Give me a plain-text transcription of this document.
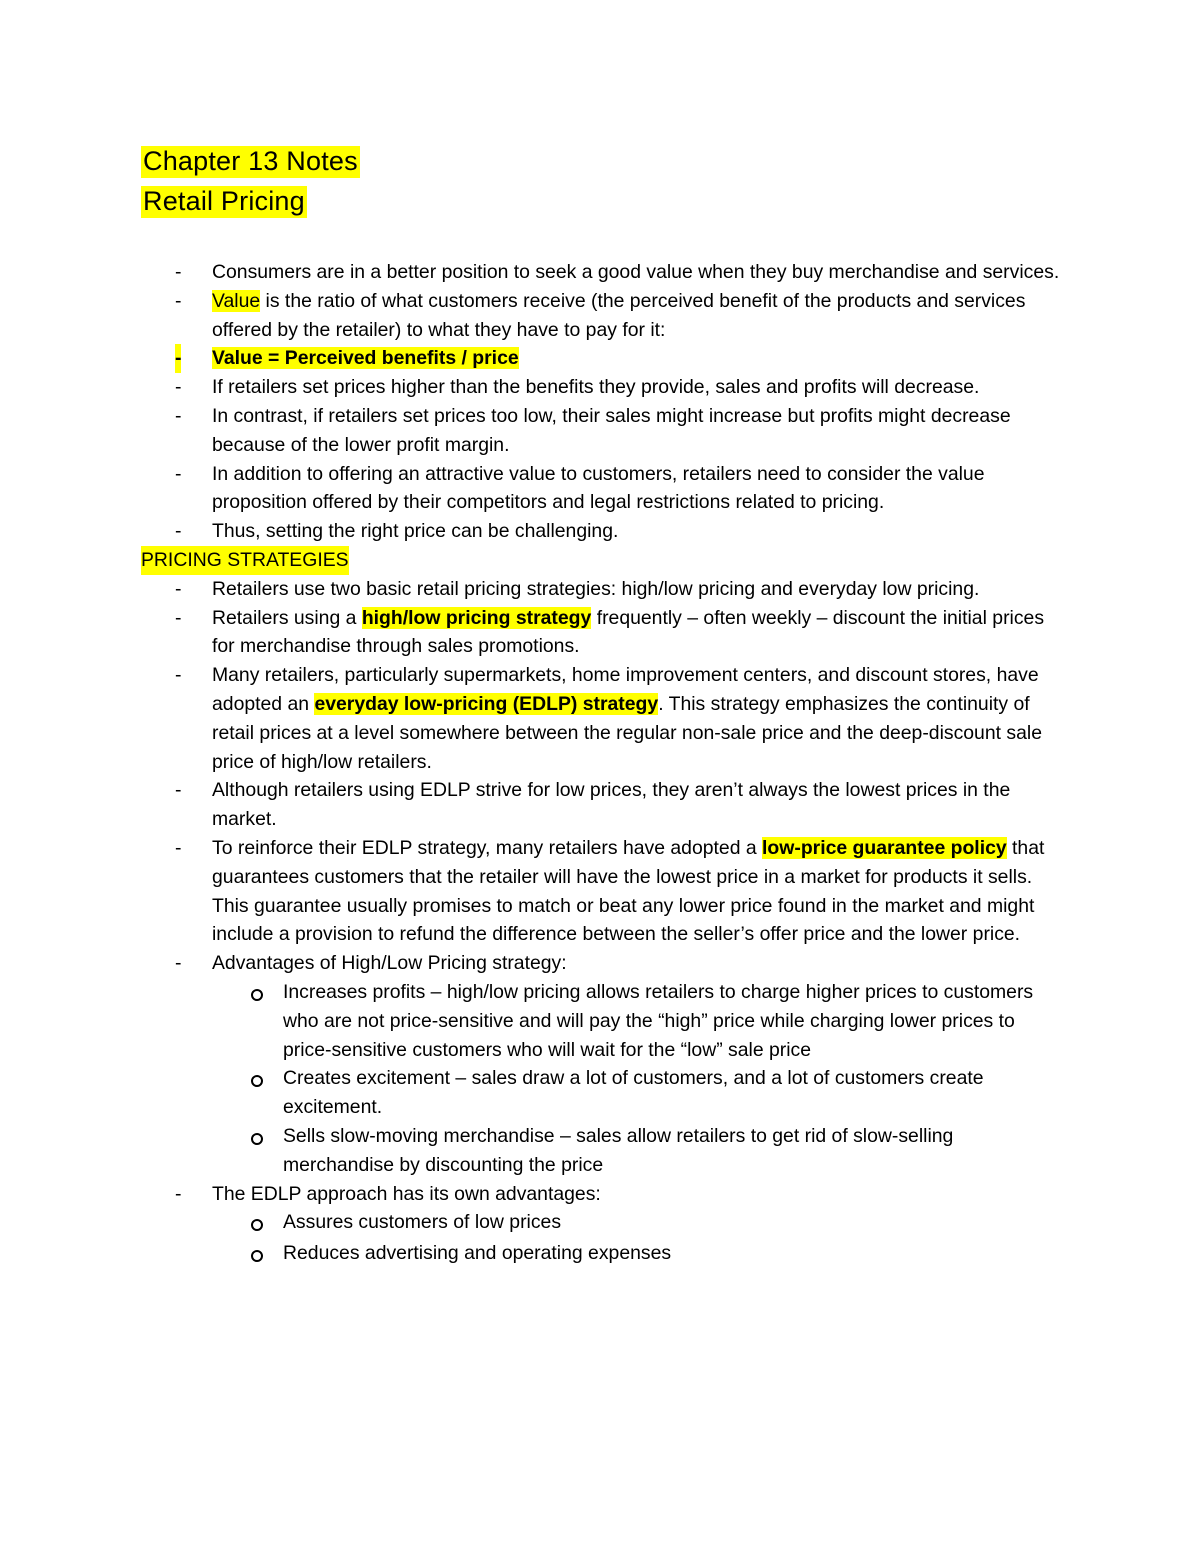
Chapter 13 Notes
Retail Pricing
- Consumers are in a better position to seek a good value when they buy merchandise and services.
- Value is the ratio of what customers receive (the perceived benefit of the products and services offered by the retailer) to what they have to pay for it:
- Value = Perceived benefits / price
- If retailers set prices higher than the benefits they provide, sales and profits will decrease.
- In contrast, if retailers set prices too low, their sales might increase but profits might decrease because of the lower profit margin.
- In addition to offering an attractive value to customers, retailers need to consider the value proposition offered by their competitors and legal restrictions related to pricing.
- Thus, setting the right price can be challenging.
PRICING STRATEGIES
- Retailers use two basic retail pricing strategies: high/low pricing and everyday low pricing.
- Retailers using a high/low pricing strategy frequently – often weekly – discount the initial prices for merchandise through sales promotions.
- Many retailers, particularly supermarkets, home improvement centers, and discount stores, have adopted an everyday low-pricing (EDLP) strategy. This strategy emphasizes the continuity of retail prices at a level somewhere between the regular non-sale price and the deep-discount sale price of high/low retailers.
- Although retailers using EDLP strive for low prices, they aren’t always the lowest prices in the market.
- To reinforce their EDLP strategy, many retailers have adopted a low-price guarantee policy that guarantees customers that the retailer will have the lowest price in a market for products it sells. This guarantee usually promises to match or beat any lower price found in the market and might include a provision to refund the difference between the seller’s offer price and the lower price.
- Advantages of High/Low Pricing strategy:
Increases profits – high/low pricing allows retailers to charge higher prices to customers who are not price-sensitive and will pay the “high” price while charging lower prices to price-sensitive customers who will wait for the “low” sale price
Creates excitement – sales draw a lot of customers, and a lot of customers create excitement.
Sells slow-moving merchandise – sales allow retailers to get rid of slow-selling merchandise by discounting the price
- The EDLP approach has its own advantages:
Assures customers of low prices
Reduces advertising and operating expenses
